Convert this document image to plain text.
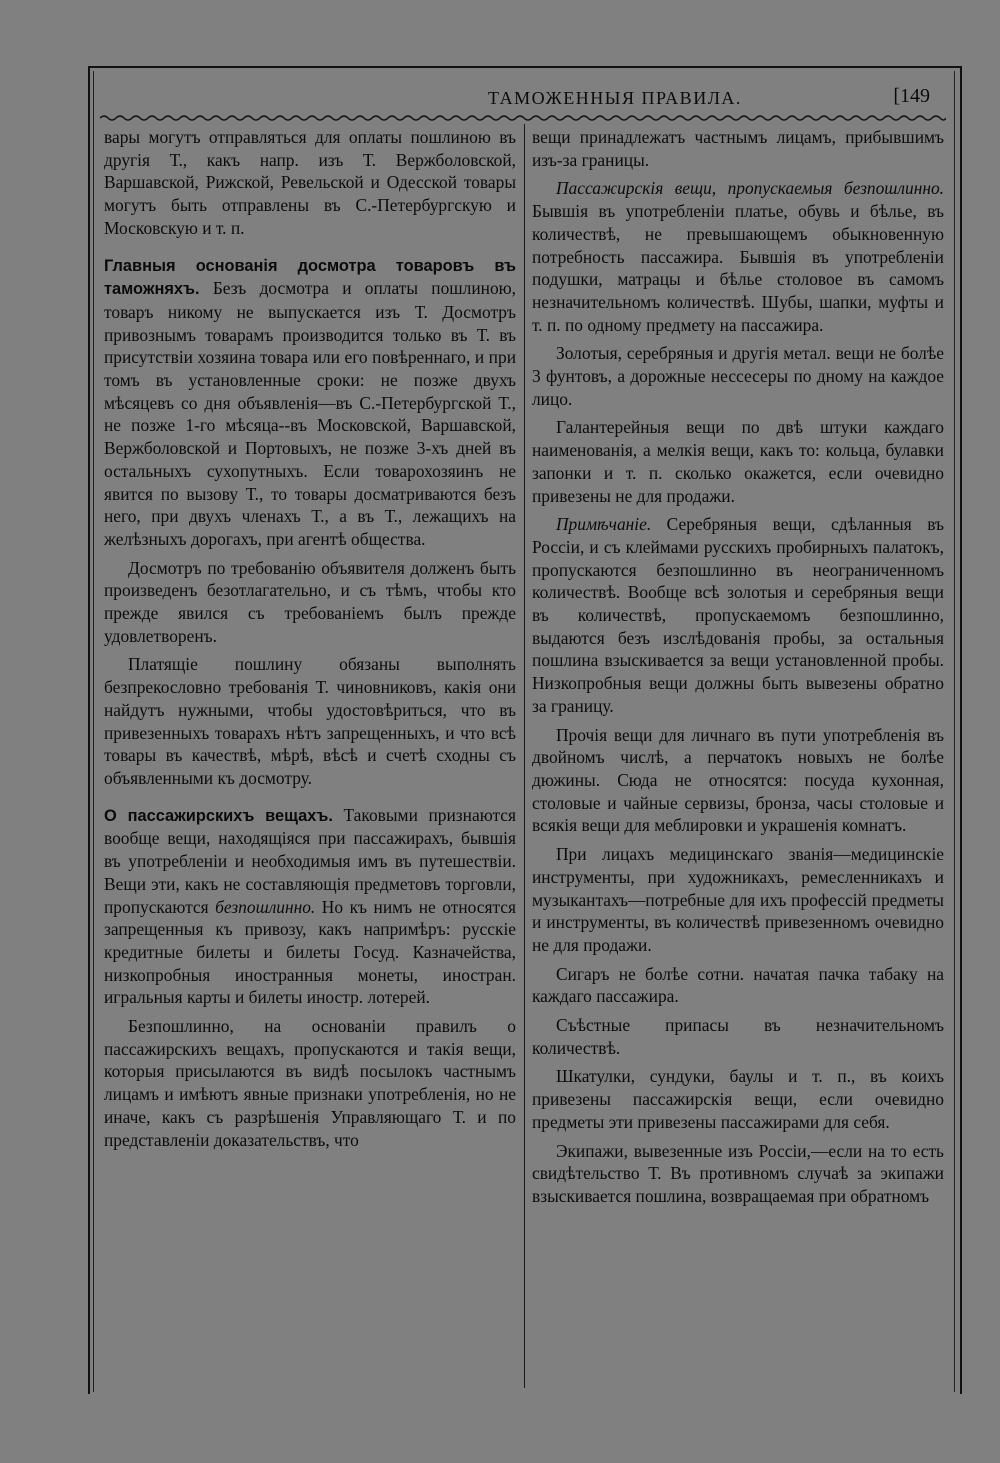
ТАМОЖЕННЫЯ ПРАВИЛА.	[149

вары могутъ отправляться для оплаты пошлиною въ другія Т., какъ напр. изъ Т. Вержболовской, Варшавской, Рижской, Ревельской и Одесской товары могутъ быть отправлены въ С.-Петербургскую и Московскую и т. п.

Главныя основанія досмотра товаровъ въ таможняхъ. Безъ досмотра и оплаты пошлиною, товаръ никому не выпускается изъ Т. Досмотръ привознымъ товарамъ производится только въ Т. въ присутствіи хозяина товара или его повѣреннаго, и при томъ въ установленные сроки: не позже двухъ мѣсяцевъ со дня объявленія—въ С.-Петербургской Т., не позже 1-го мѣсяца--въ Московской, Варшавской, Вержболовской и Портовыхъ, не позже 3-хъ дней въ остальныхъ сухопутныхъ. Если товарохозяинъ не явится по вызову Т., то товары досматриваются безъ него, при двухъ членахъ Т., а въ Т., лежащихъ на желѣзныхъ дорогахъ, при агентѣ общества.

Досмотръ по требованію объявителя долженъ быть произведенъ безотлагательно, и съ тѣмъ, чтобы кто прежде явился съ требованіемъ былъ прежде удовлетворенъ.

Платящіе пошлину обязаны выполнять безпрекословно требованія Т. чиновниковъ, какія они найдутъ нужными, чтобы удостовѣриться, что въ привезенныхъ товарахъ нѣтъ запрещенныхъ, и что всѣ товары въ качествѣ, мѣрѣ, вѣсѣ и счетѣ сходны съ объявленными къ досмотру.

О пассажирскихъ вещахъ. Таковыми признаются вообще вещи, находящіяся при пассажирахъ, бывшія въ употребленіи и необходимыя имъ въ путешествіи. Вещи эти, какъ не составляющія предметовъ торговли, пропускаются безпошлинно. Но къ нимъ не относятся запрещенныя къ привозу, какъ напримѣръ: русскіе кредитные билеты и билеты Госуд. Казначейства, низкопробныя иностранныя монеты, иностран. игральныя карты и билеты иностр. лотерей.

Безпошлинно, на основаніи правилъ о пассажирскихъ вещахъ, пропускаются и такія вещи, которыя присылаются въ видѣ посылокъ частнымъ лицамъ и имѣютъ явные признаки употребленія, но не иначе, какъ съ разрѣшенія Управляющаго Т. и по представленіи доказательствъ, что

вещи принадлежатъ частнымъ лицамъ, прибывшимъ изъ-за границы.

Пассажирскія вещи, пропускаемыя безпошлинно. Бывшія въ употребленіи платье, обувь и бѣлье, въ количествѣ, не превышающемъ обыкновенную потребность пассажира. Бывшія въ употребленіи подушки, матрацы и бѣлье столовое въ самомъ незначительномъ количествѣ. Шубы, шапки, муфты и т. п. по одному предмету на пассажира.

Золотыя, серебряныя и другія метал. вещи не болѣе 3 фунтовъ, а дорожные нессесеры по дному на каждое лицо.

Галантерейныя вещи по двѣ штуки каждаго наименованія, а мелкія вещи, какъ то: кольца, булавки запонки и т. п. сколько окажется, если очевидно привезены не для продажи.

Примѣчаніе. Серебряныя вещи, сдѣланныя въ Россіи, и съ клеймами русскихъ пробирныхъ палатокъ, пропускаются безпошлинно въ неограниченномъ количествѣ. Вообще всѣ золотыя и серебряныя вещи въ количествѣ, пропускаемомъ безпошлинно, выдаются безъ изслѣдованія пробы, за остальныя пошлина взыскивается за вещи установленной пробы. Низкопробныя вещи должны быть вывезены обратно за границу.

Прочія вещи для личнаго въ пути употребленія въ двойномъ числѣ, а перчатокъ новыхъ не болѣе дюжины. Сюда не относятся: посуда кухонная, столовые и чайные сервизы, бронза, часы столовые и всякія вещи для меблировки и украшенія комнатъ.

При лицахъ медицинскаго званія—медицинскіе инструменты, при художникахъ, ремесленникахъ и музыкантахъ—потребные для ихъ профессій предметы и инструменты, въ количествѣ привезенномъ очевидно не для продажи.

Сигаръ не болѣе сотни. начатая пачка табаку на каждаго пассажира.

Съѣстные припасы въ незначительномъ количествѣ.

Шкатулки, сундуки, баулы и т. п., въ коихъ привезены пассажирскія вещи, если очевидно предметы эти привезены пассажирами для себя.

Экипажи, вывезенные изъ Россіи,—если на то есть свидѣтельство Т. Въ противномъ случаѣ за экипажи взыскивается пошлина, возвращаемая при обратномъ
